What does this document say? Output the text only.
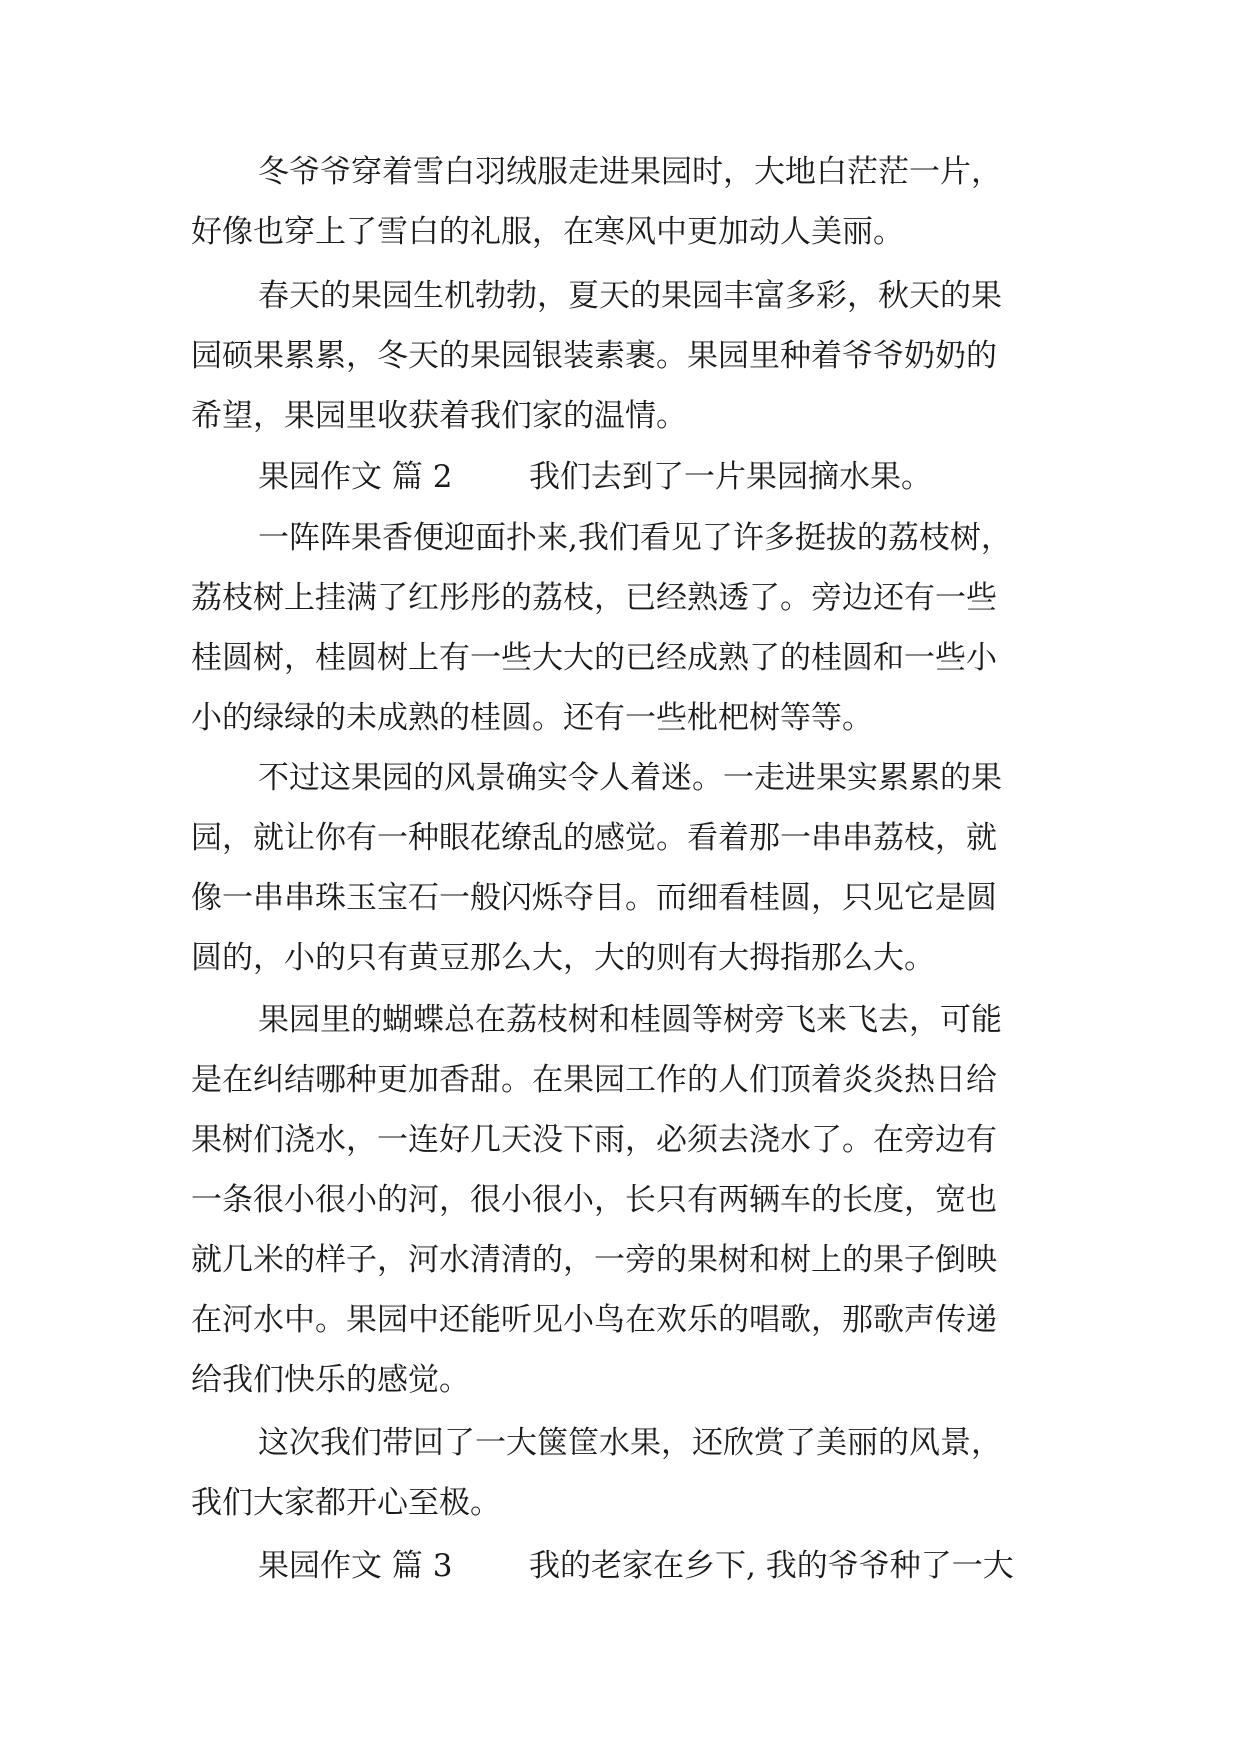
冬爷爷穿着雪白羽绒服走进果园时，大地白茫茫一片，
好像也穿上了雪白的礼服，在寒风中更加动人美丽。
春天的果园生机勃勃，夏天的果园丰富多彩，秋天的果
园硕果累累，冬天的果园银装素裹。果园里种着爷爷奶奶的
希望，果园里收获着我们家的温情。
果园作文 篇 2	我们去到了一片果园摘水果。
一阵阵果香便迎面扑来,我们看见了许多挺拔的荔枝树，
荔枝树上挂满了红彤彤的荔枝，已经熟透了。旁边还有一些
桂圆树，桂圆树上有一些大大的已经成熟了的桂圆和一些小
小的绿绿的未成熟的桂圆。还有一些枇杷树等等。
不过这果园的风景确实令人着迷。一走进果实累累的果
园，就让你有一种眼花缭乱的感觉。看着那一串串荔枝，就
像一串串珠玉宝石一般闪烁夺目。而细看桂圆，只见它是圆
圆的，小的只有黄豆那么大，大的则有大拇指那么大。
果园里的蝴蝶总在荔枝树和桂圆等树旁飞来飞去，可能
是在纠结哪种更加香甜。在果园工作的人们顶着炎炎热日给
果树们浇水，一连好几天没下雨，必须去浇水了。在旁边有
一条很小很小的河，很小很小，长只有两辆车的长度，宽也
就几米的样子，河水清清的，一旁的果树和树上的果子倒映
在河水中。果园中还能听见小鸟在欢乐的唱歌，那歌声传递
给我们快乐的感觉。
这次我们带回了一大箧筐水果，还欣赏了美丽的风景，
我们大家都开心至极。
果园作文 篇 3	我的老家在乡下, 我的爷爷种了一大
